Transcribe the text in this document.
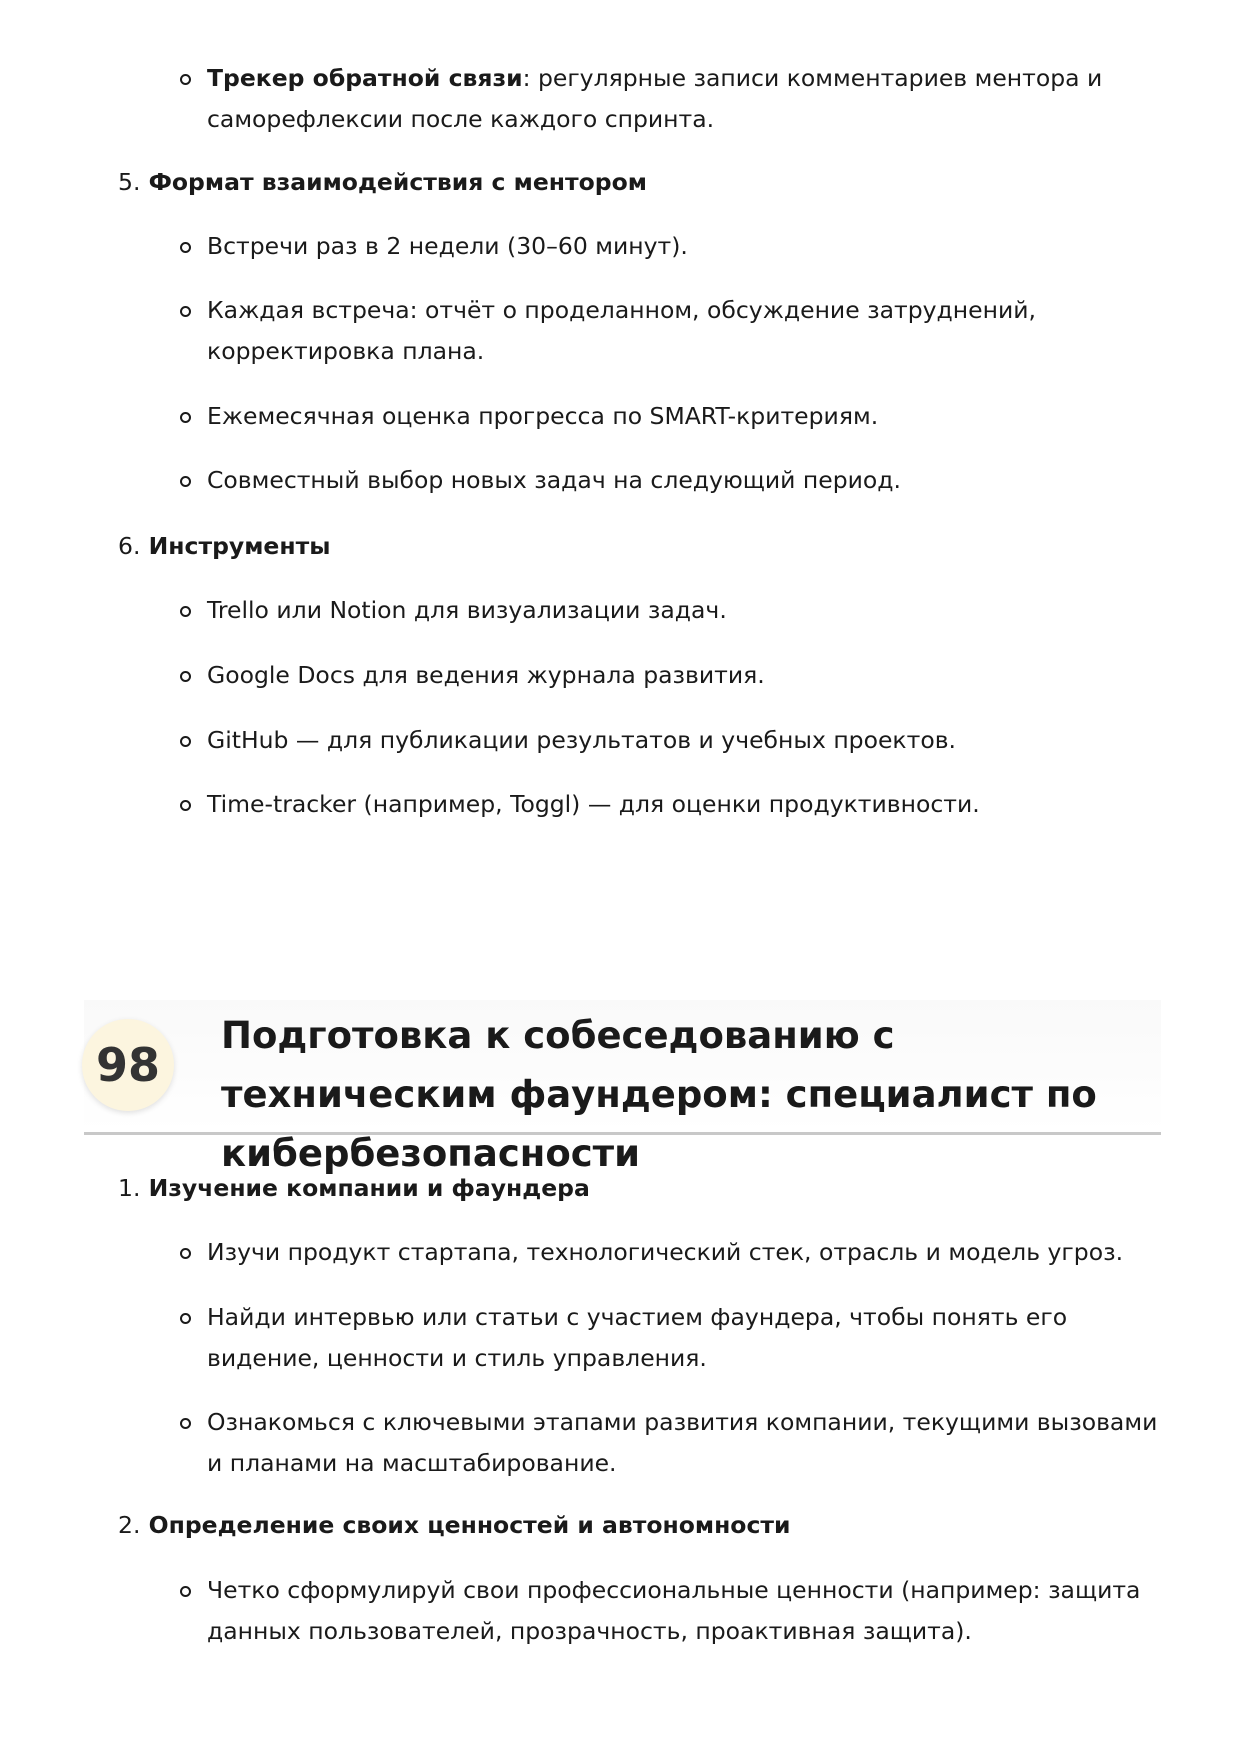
Трекер обратной связи: регулярные записи комментариев ментора и саморефлексии после каждого спринта.
5. Формат взаимодействия с ментором
Встречи раз в 2 недели (30–60 минут).
Каждая встреча: отчёт о проделанном, обсуждение затруднений, корректировка плана.
Ежемесячная оценка прогресса по SMART-критериям.
Совместный выбор новых задач на следующий период.
6. Инструменты
Trello или Notion для визуализации задач.
Google Docs для ведения журнала развития.
GitHub — для публикации результатов и учебных проектов.
Time-tracker (например, Toggl) — для оценки продуктивности.
98
Подготовка к собеседованию с техническим фаундером: специалист по кибербезопасности
1. Изучение компании и фаундера
Изучи продукт стартапа, технологический стек, отрасль и модель угроз.
Найди интервью или статьи с участием фаундера, чтобы понять его видение, ценности и стиль управления.
Ознакомься с ключевыми этапами развития компании, текущими вызовами и планами на масштабирование.
2. Определение своих ценностей и автономности
Четко сформулируй свои профессиональные ценности (например: защита данных пользователей, прозрачность, проактивная защита).
